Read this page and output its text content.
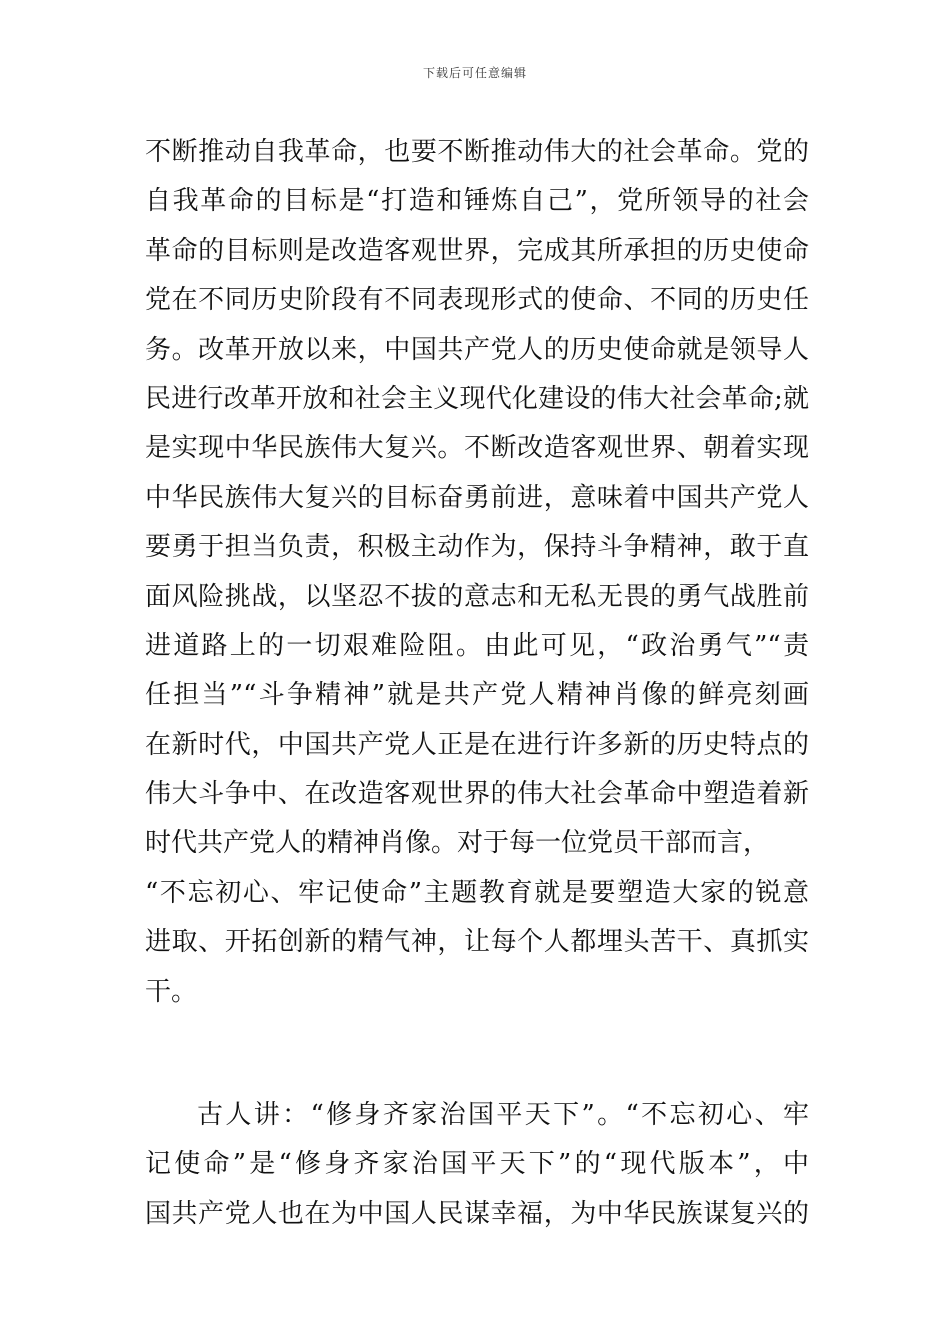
下载后可任意编辑
不断推动自我革命，也要不断推动伟大的社会革命。党的
自我革命的目标是“打造和锤炼自己”，党所领导的社会
革命的目标则是改造客观世界，完成其所承担的历史使命
党在不同历史阶段有不同表现形式的使命、不同的历史任
务。改革开放以来，中国共产党人的历史使命就是领导人
民进行改革开放和社会主义现代化建设的伟大社会革命;就
是实现中华民族伟大复兴。不断改造客观世界、朝着实现
中华民族伟大复兴的目标奋勇前进，意味着中国共产党人
要勇于担当负责，积极主动作为，保持斗争精神，敢于直
面风险挑战，以坚忍不拔的意志和无私无畏的勇气战胜前
进道路上的一切艰难险阻。由此可见，“政治勇气”“责
任担当”“斗争精神”就是共产党人精神肖像的鲜亮刻画
在新时代，中国共产党人正是在进行许多新的历史特点的
伟大斗争中、在改造客观世界的伟大社会革命中塑造着新
时代共产党人的精神肖像。对于每一位党员干部而言，
“不忘初心、牢记使命”主题教育就是要塑造大家的锐意
进取、开拓创新的精气神，让每个人都埋头苦干、真抓实
干。
古人讲：“修身齐家治国平天下”。“不忘初心、牢
记使命”是“修身齐家治国平天下”的“现代版本”，中
国共产党人也在为中国人民谋幸福，为中华民族谋复兴的
